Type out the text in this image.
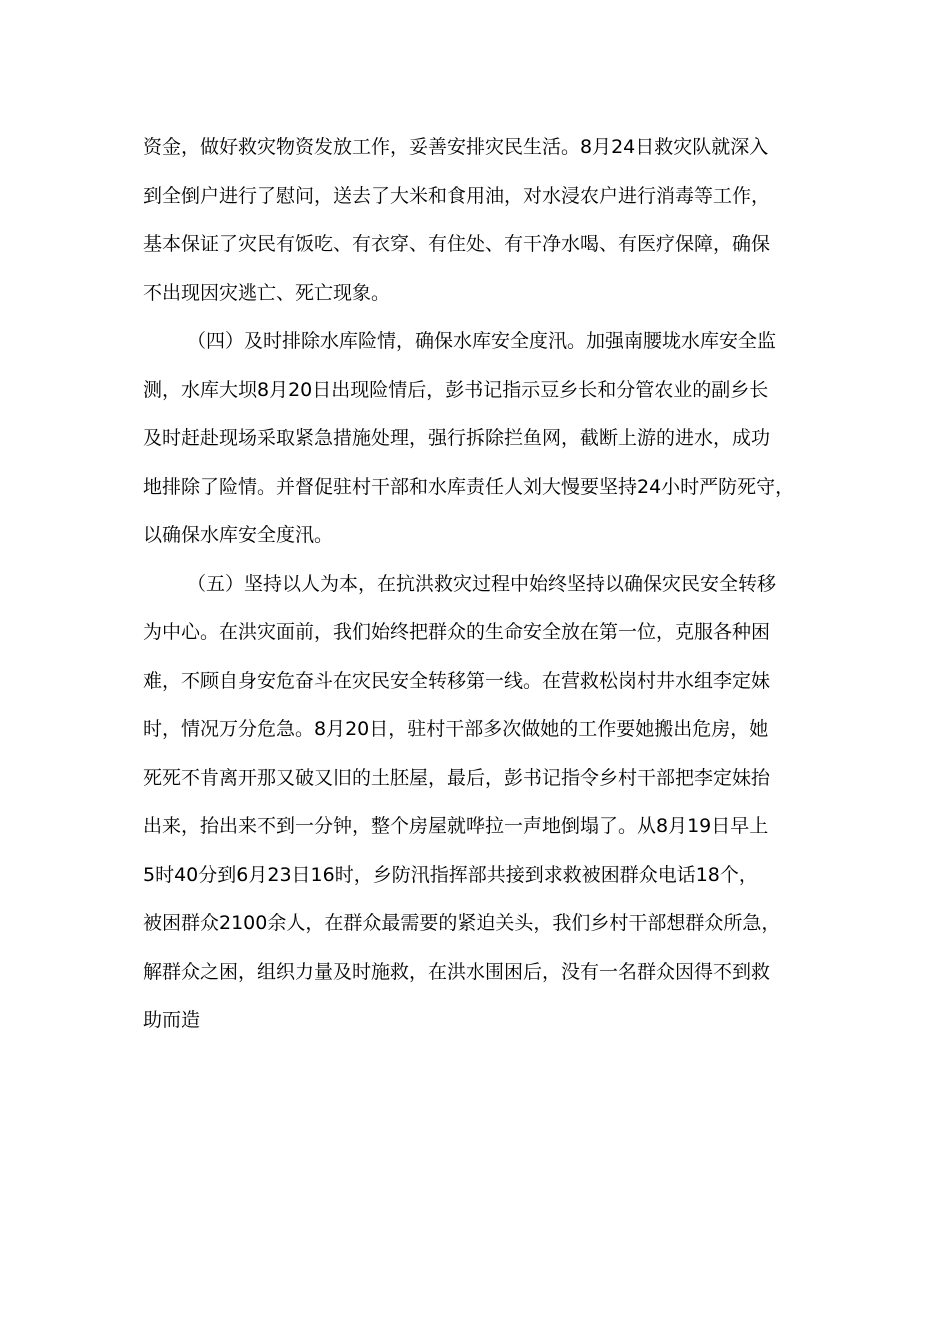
资金，做好救灾物资发放工作，妥善安排灾民生活。8月24日救灾队就深入
到全倒户进行了慰问，送去了大米和食用油，对水浸农户进行消毒等工作，
基本保证了灾民有饭吃、有衣穿、有住处、有干净水喝、有医疗保障，确保
不出现因灾逃亡、死亡现象。
（四）及时排除水库险情，确保水库安全度汛。加强南腰垅水库安全监
测，水库大坝8月20日出现险情后，彭书记指示豆乡长和分管农业的副乡长
及时赶赴现场采取紧急措施处理，强行拆除拦鱼网，截断上游的进水，成功
地排除了险情。并督促驻村干部和水库责任人刘大慢要坚持24小时严防死守，
以确保水库安全度汛。
（五）坚持以人为本，在抗洪救灾过程中始终坚持以确保灾民安全转移
为中心。在洪灾面前，我们始终把群众的生命安全放在第一位，克服各种困
难，不顾自身安危奋斗在灾民安全转移第一线。在营救松岗村井水组李定妹
时，情况万分危急。8月20日，驻村干部多次做她的工作要她搬出危房，她
死死不肯离开那又破又旧的土胚屋，最后，彭书记指令乡村干部把李定妹抬
出来，抬出来不到一分钟，整个房屋就哗拉一声地倒塌了。从8月19日早上
5时40分到6月23日16时，乡防汛指挥部共接到求救被困群众电话18个，
被困群众2100余人，在群众最需要的紧迫关头，我们乡村干部想群众所急，
解群众之困，组织力量及时施救，在洪水围困后，没有一名群众因得不到救
助而造
